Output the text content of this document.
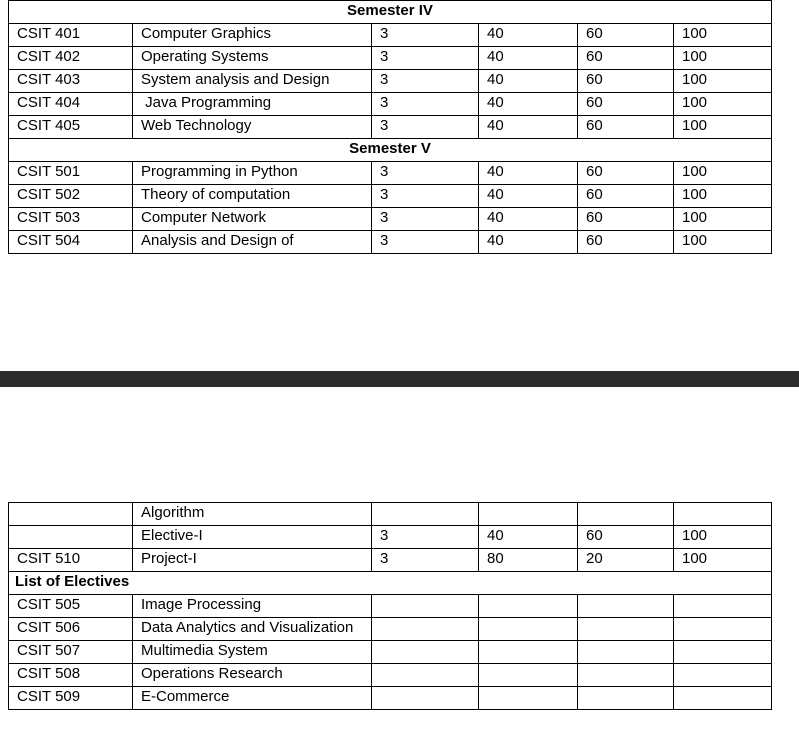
Semester IV					
CSIT 401	Computer Graphics	3	40	60	100
CSIT 402	Operating Systems	3	40	60	100
CSIT 403	System analysis and Design	3	40	60	100
CSIT 404	Java Programming	3	40	60	100
CSIT 405	Web Technology	3	40	60	100
Semester V					
CSIT 501	Programming in Python	3	40	60	100
CSIT 502	Theory of computation	3	40	60	100
CSIT 503	Computer Network	3	40	60	100
CSIT 504	Analysis and Design of	3	40	60	100
	Algorithm				
	Elective-I	3	40	60	100
CSIT 510	Project-I	3	80	20	100
List of Electives					
CSIT 505	Image Processing				
CSIT 506	Data Analytics and Visualization				
CSIT 507	Multimedia System				
CSIT 508	Operations Research				
CSIT 509	E-Commerce				
